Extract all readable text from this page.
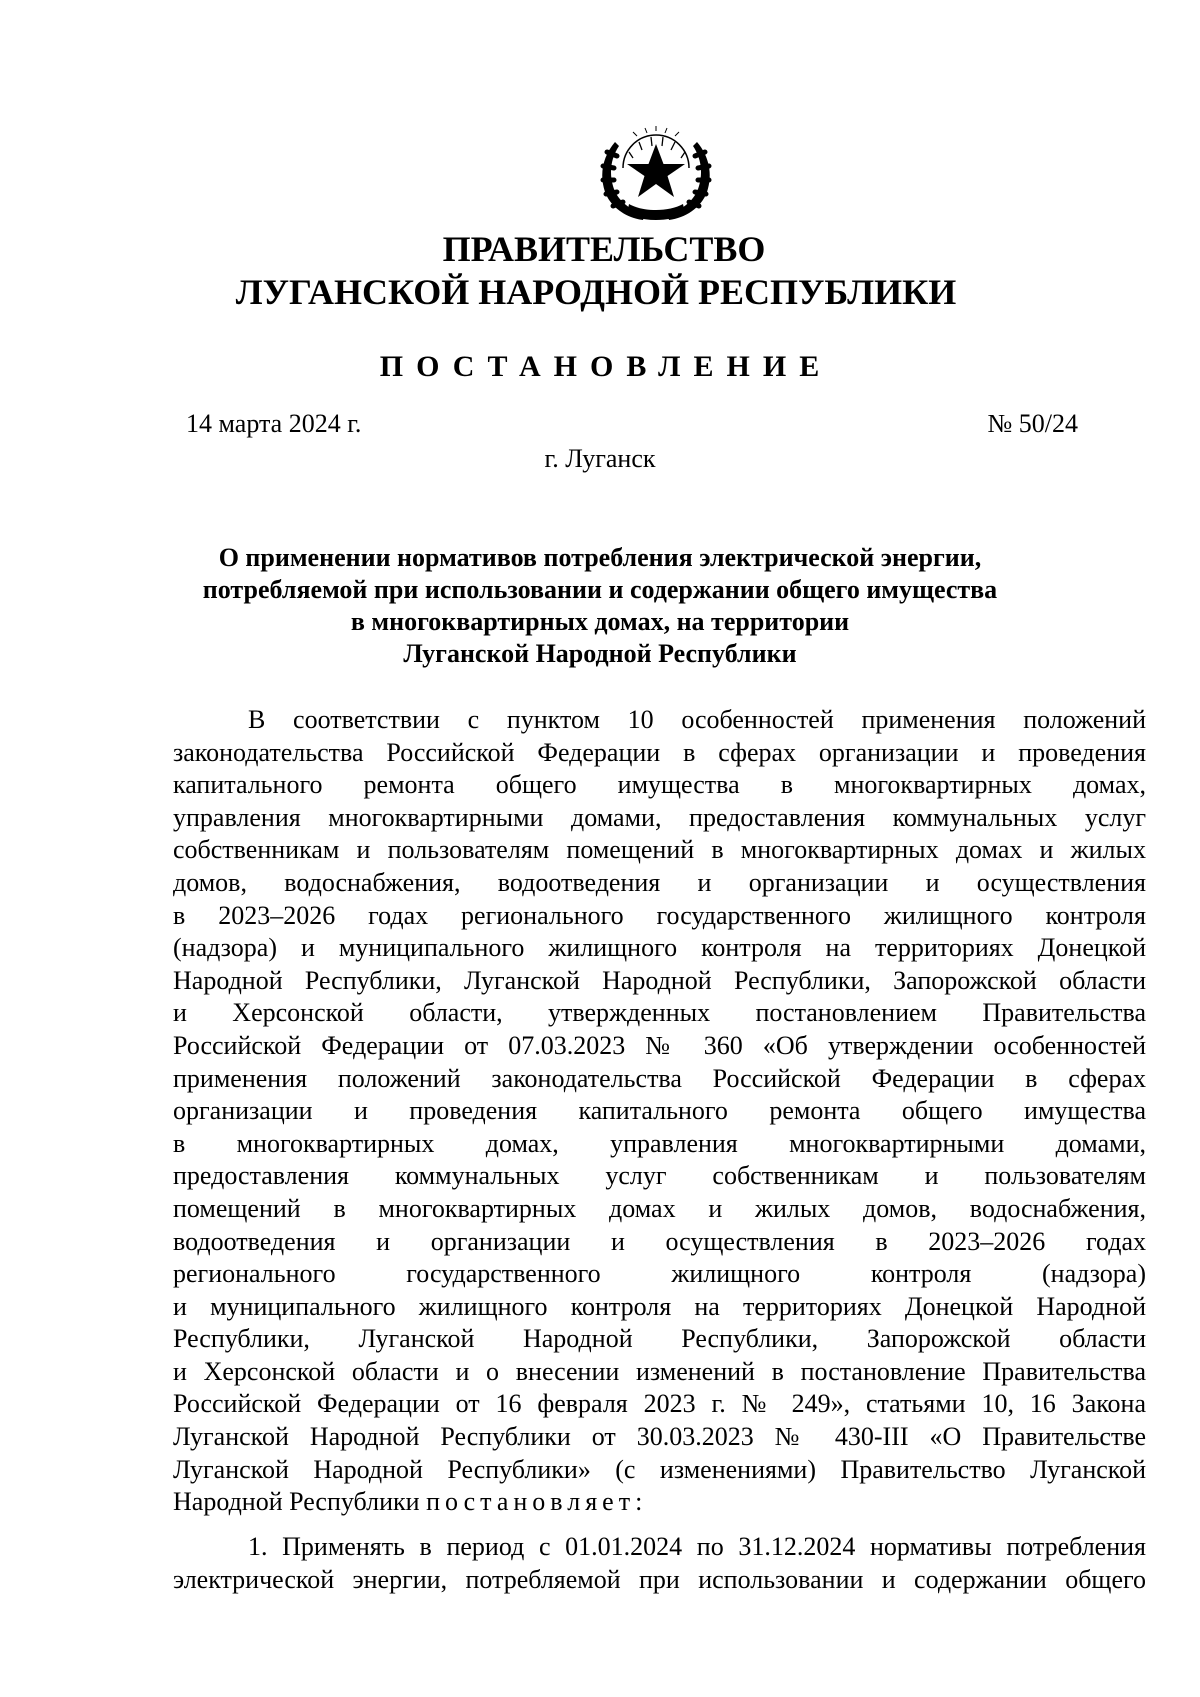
ПРАВИТЕЛЬСТВО
ЛУГАНСКОЙ НАРОДНОЙ РЕСПУБЛИКИ
ПОСТАНОВЛЕНИЕ
14 марта 2024 г.	№ 50/24
г. Луганск
О применении нормативов потребления электрической энергии,
потребляемой при использовании и содержании общего имущества
в многоквартирных домах, на территории
Луганской Народной Республики
В соответствии с пунктом 10 особенностей применения положений
законодательства Российской Федерации в сферах организации и проведения
капитального ремонта общего имущества в многоквартирных домах,
управления многоквартирными домами, предоставления коммунальных услуг
собственникам и пользователям помещений в многоквартирных домах и жилых
домов, водоснабжения, водоотведения и организации и осуществления
в 2023–2026 годах регионального государственного жилищного контроля
(надзора) и муниципального жилищного контроля на территориях Донецкой
Народной Республики, Луганской Народной Республики, Запорожской области
и Херсонской области, утвержденных постановлением Правительства
Российской Федерации от 07.03.2023 № 360 «Об утверждении особенностей
применения положений законодательства Российской Федерации в сферах
организации и проведения капитального ремонта общего имущества
в многоквартирных домах, управления многоквартирными домами,
предоставления коммунальных услуг собственникам и пользователям
помещений в многоквартирных домах и жилых домов, водоснабжения,
водоотведения и организации и осуществления в 2023–2026 годах
регионального государственного жилищного контроля (надзора)
и муниципального жилищного контроля на территориях Донецкой Народной
Республики, Луганской Народной Республики, Запорожской области
и Херсонской области и о внесении изменений в постановление Правительства
Российской Федерации от 16 февраля 2023 г. № 249», статьями 10, 16 Закона
Луганской Народной Республики от 30.03.2023 № 430-III «О Правительстве
Луганской Народной Республики» (с изменениями) Правительство Луганской
Народной Республики постановляет:
1. Применять в период с 01.01.2024 по 31.12.2024 нормативы потребления
электрической энергии, потребляемой при использовании и содержании общего
